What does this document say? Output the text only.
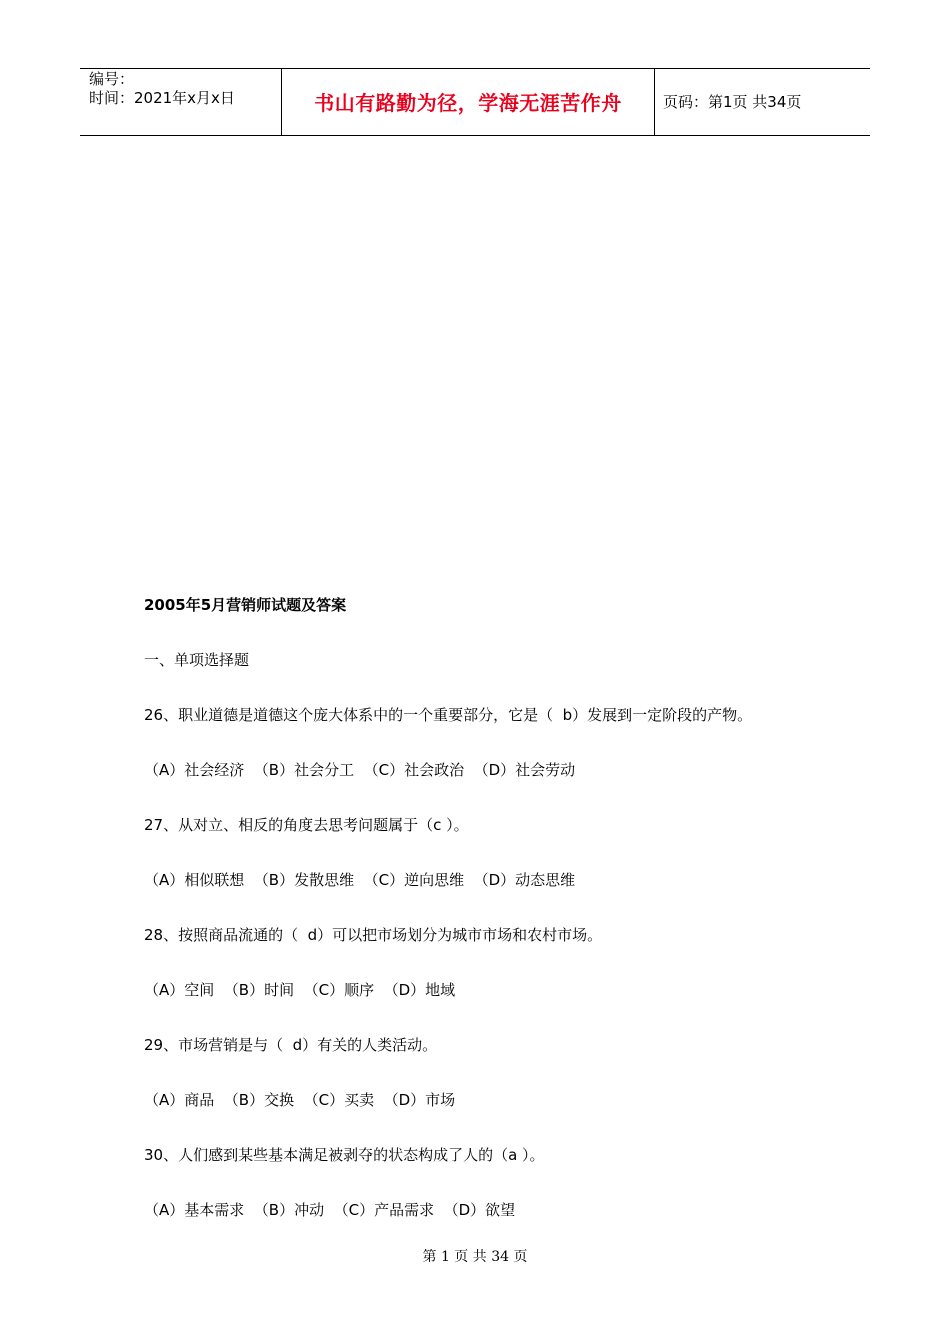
编号：
时间：2021年x月x日	书山有路勤为径，学海无涯苦作舟	页码：第1页 共34页
2005年5月营销师试题及答案
一、单项选择题
26、职业道德是道德这个庞大体系中的一个重要部分，它是（  b）发展到一定阶段的产物。
（A）社会经济  （B）社会分工  （C）社会政治  （D）社会劳动
27、从对立、相反的角度去思考问题属于（c ）。
（A）相似联想  （B）发散思维  （C）逆向思维  （D）动态思维
28、按照商品流通的（  d）可以把市场划分为城市市场和农村市场。
（A）空间  （B）时间  （C）顺序  （D）地域
29、市场营销是与（  d）有关的人类活动。
（A）商品  （B）交换  （C）买卖  （D）市场
30、人们感到某些基本满足被剥夺的状态构成了人的（a ）。
（A）基本需求  （B）冲动  （C）产品需求  （D）欲望
第 1 页 共 34 页
